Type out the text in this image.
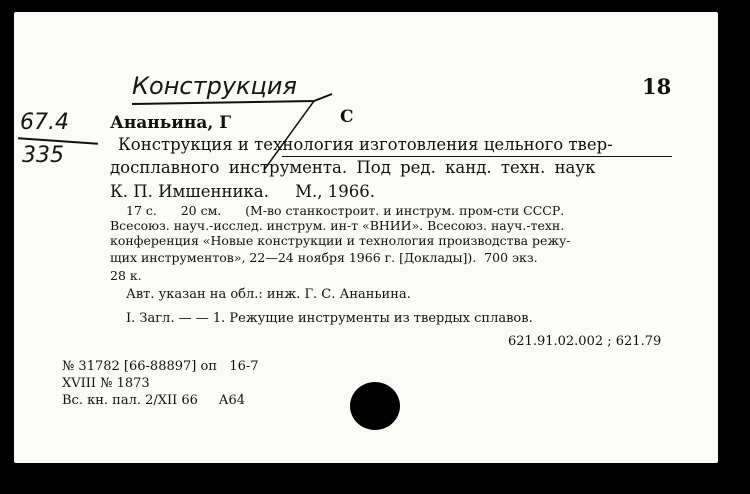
Конструкция
67.4
335
18
Ананьина, Г	С
Конструкция и технология изготовления цельного твер-
досплавного инструмента. Под ред. канд. техн. наук
К. П. Имшенника.     М., 1966.
17 с.      20 см.      (М-во станкостроит. и инструм. пром-сти СССР.
Всесоюз. науч.-исслед. инструм. ин-т «ВНИИ». Всесоюз. науч.-техн.
конференция «Новые конструкции и технология производства режу-
щих инструментов», 22—24 ноября 1966 г. [Доклады]).  700 экз.
28 к.
Авт. указан на обл.: инж. Г. С. Ананьина.
I. Загл. — — 1. Режущие инструменты из твердых сплавов.
621.91.02.002 ; 621.79
№ 31782 [66-88897] оп   16-7
XVIII № 1873
Вс. кн. пал. 2/XII 66     А64
